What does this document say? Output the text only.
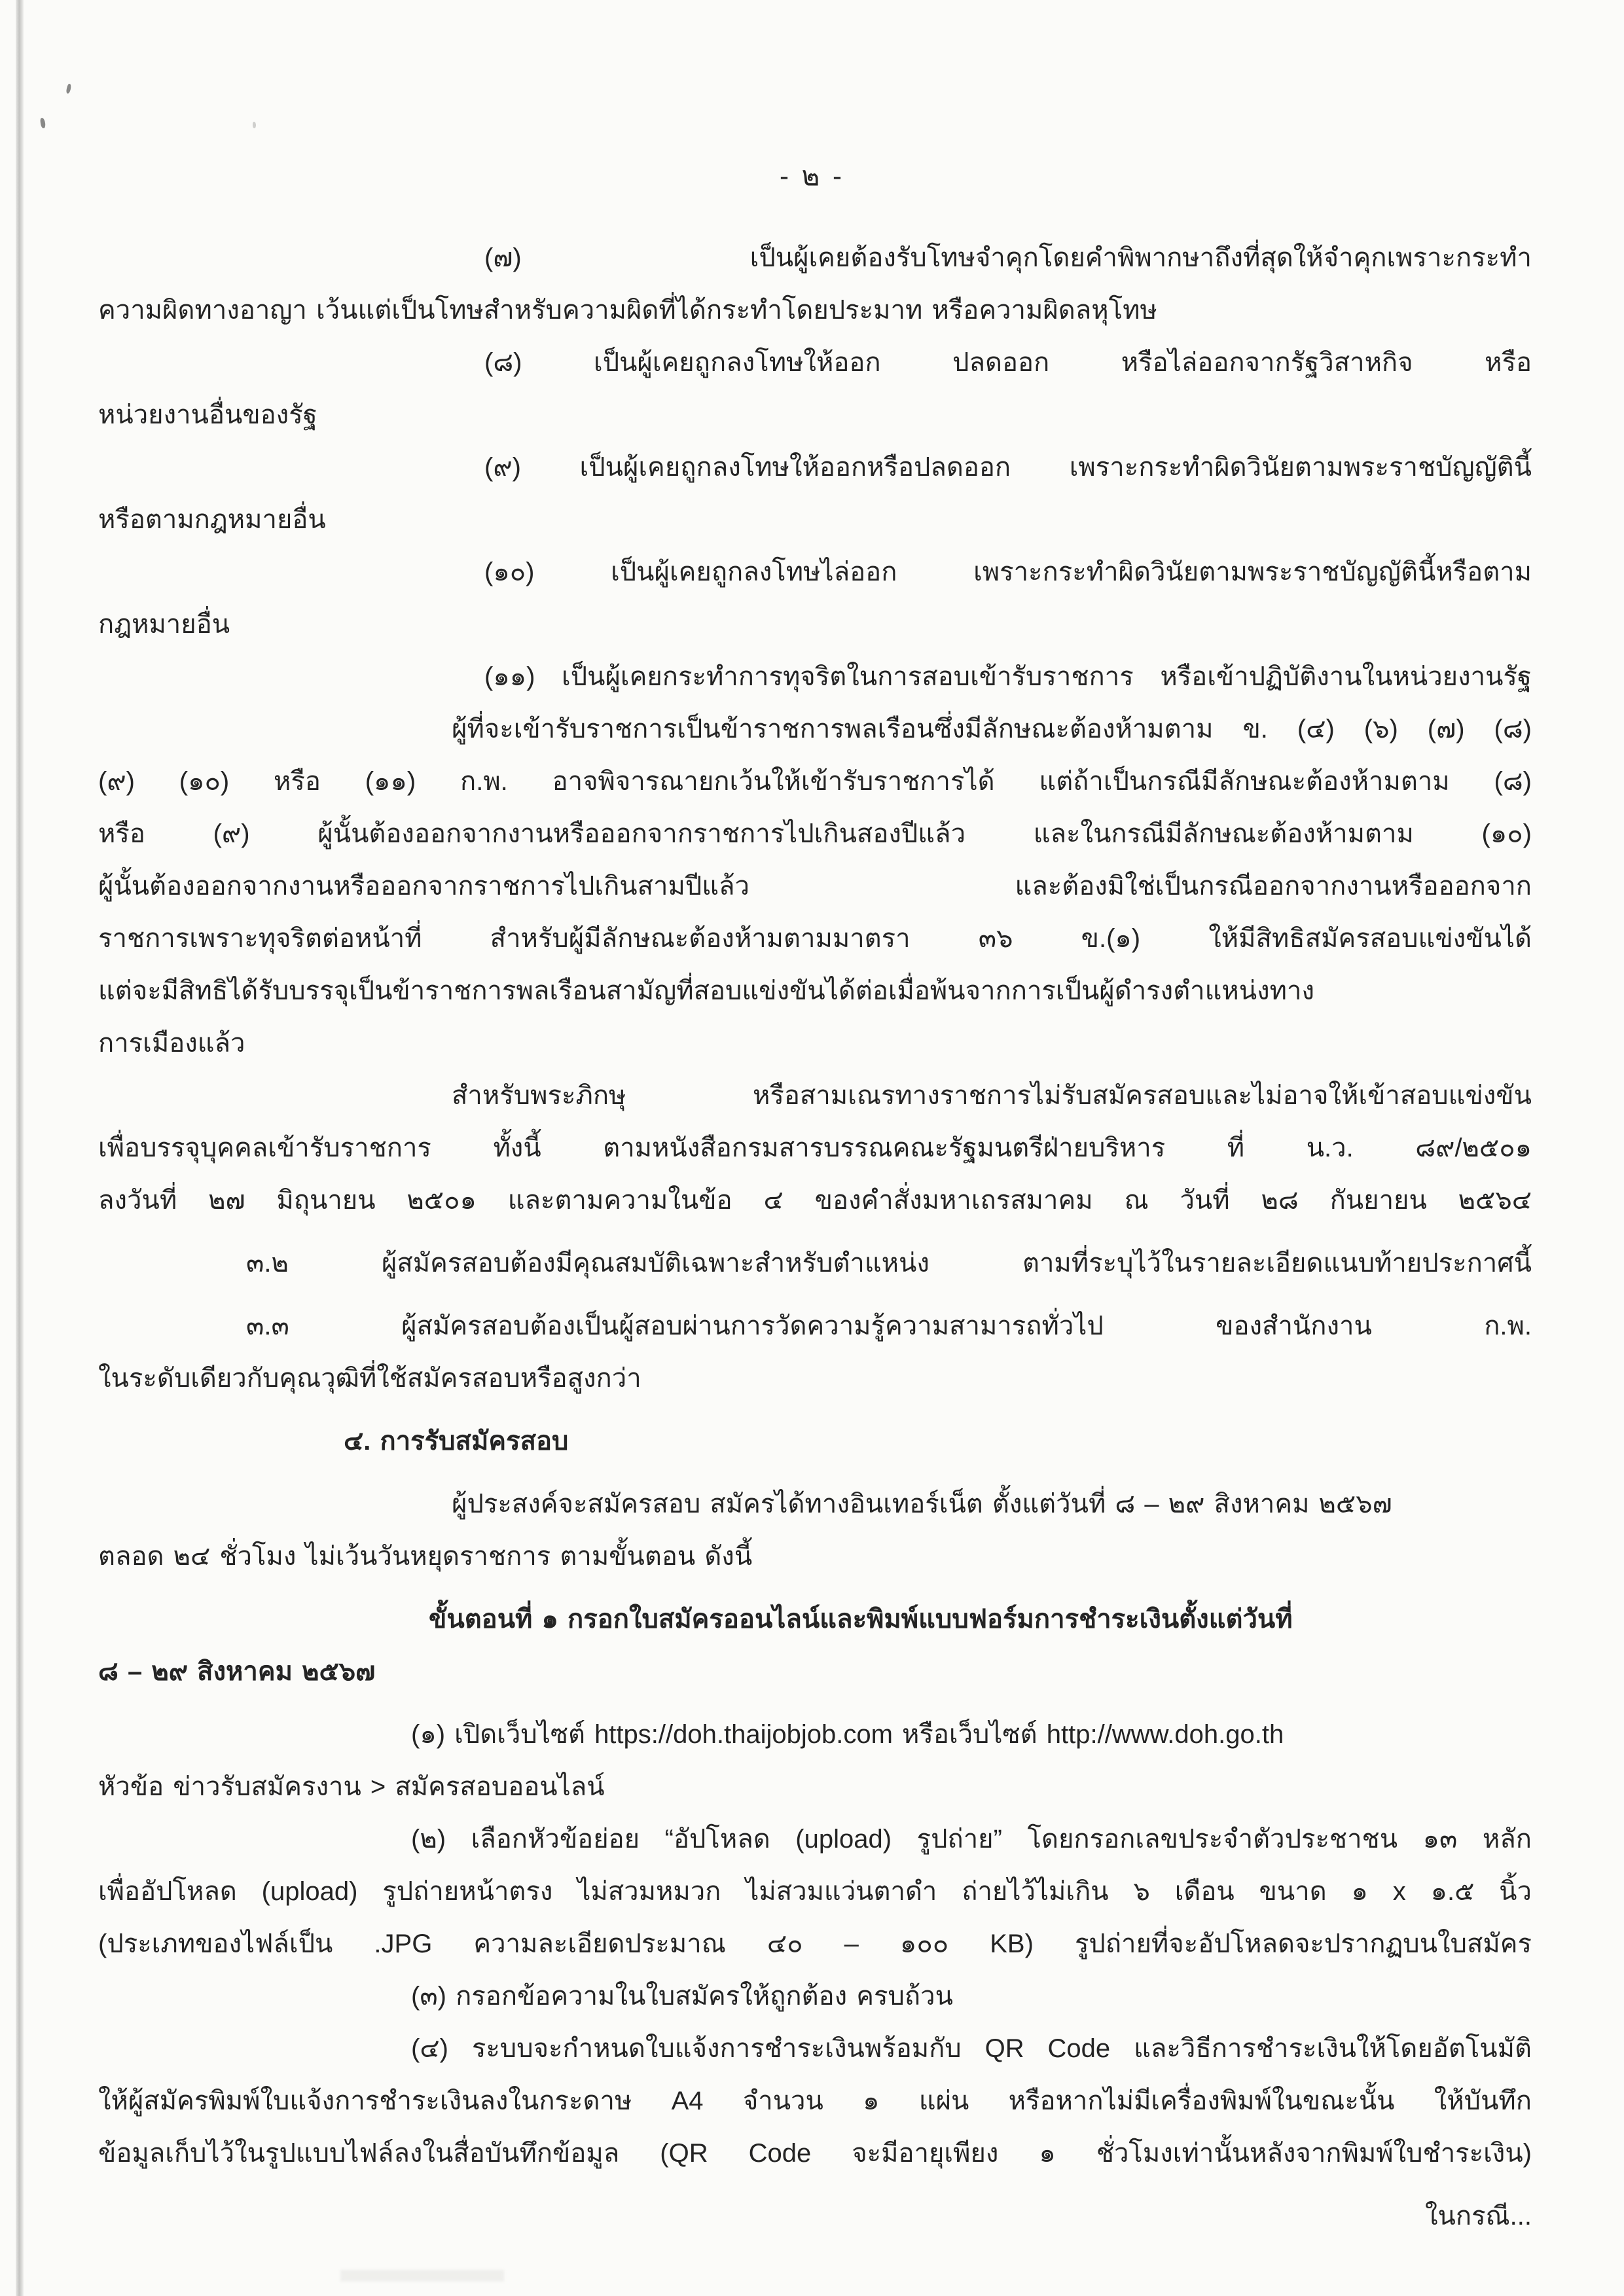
- ๒ -
(๗) เป็นผู้เคยต้องรับโทษจำคุกโดยคำพิพากษาถึงที่สุดให้จำคุกเพราะกระทำ
ความผิดทางอาญา เว้นแต่เป็นโทษสำหรับความผิดที่ได้กระทำโดยประมาท หรือความผิดลหุโทษ
(๘) เป็นผู้เคยถูกลงโทษให้ออก ปลดออก หรือไล่ออกจากรัฐวิสาหกิจ หรือ
หน่วยงานอื่นของรัฐ
(๙) เป็นผู้เคยถูกลงโทษให้ออกหรือปลดออก เพราะกระทำผิดวินัยตามพระราชบัญญัตินี้
หรือตามกฎหมายอื่น
(๑๐) เป็นผู้เคยถูกลงโทษไล่ออก เพราะกระทำผิดวินัยตามพระราชบัญญัตินี้หรือตาม
กฎหมายอื่น
(๑๑) เป็นผู้เคยกระทำการทุจริตในการสอบเข้ารับราชการ หรือเข้าปฏิบัติงานในหน่วยงานรัฐ
ผู้ที่จะเข้ารับราชการเป็นข้าราชการพลเรือนซึ่งมีลักษณะต้องห้ามตาม ข. (๔) (๖) (๗) (๘)
(๙) (๑๐) หรือ (๑๑) ก.พ. อาจพิจารณายกเว้นให้เข้ารับราชการได้ แต่ถ้าเป็นกรณีมีลักษณะต้องห้ามตาม (๘)
หรือ (๙) ผู้นั้นต้องออกจากงานหรือออกจากราชการไปเกินสองปีแล้ว และในกรณีมีลักษณะต้องห้ามตาม (๑๐)
ผู้นั้นต้องออกจากงานหรือออกจากราชการไปเกินสามปีแล้ว และต้องมิใช่เป็นกรณีออกจากงานหรือออกจาก
ราชการเพราะทุจริตต่อหน้าที่ สำหรับผู้มีลักษณะต้องห้ามตามมาตรา ๓๖ ข.(๑) ให้มีสิทธิสมัครสอบแข่งขันได้
แต่จะมีสิทธิได้รับบรรจุเป็นข้าราชการพลเรือนสามัญที่สอบแข่งขันได้ต่อเมื่อพ้นจากการเป็นผู้ดำรงตำแหน่งทาง
การเมืองแล้ว
สำหรับพระภิกษุ หรือสามเณรทางราชการไม่รับสมัครสอบและไม่อาจให้เข้าสอบแข่งขัน
เพื่อบรรจุบุคคลเข้ารับราชการ ทั้งนี้ ตามหนังสือกรมสารบรรณคณะรัฐมนตรีฝ่ายบริหาร ที่ น.ว. ๘๙/๒๕๐๑
ลงวันที่ ๒๗ มิถุนายน ๒๕๐๑ และตามความในข้อ ๔ ของคำสั่งมหาเถรสมาคม ณ วันที่ ๒๘ กันยายน ๒๕๖๔
๓.๒ ผู้สมัครสอบต้องมีคุณสมบัติเฉพาะสำหรับตำแหน่ง ตามที่ระบุไว้ในรายละเอียดแนบท้ายประกาศนี้
๓.๓ ผู้สมัครสอบต้องเป็นผู้สอบผ่านการวัดความรู้ความสามารถทั่วไป ของสำนักงาน ก.พ.
ในระดับเดียวกับคุณวุฒิที่ใช้สมัครสอบหรือสูงกว่า
๔. การรับสมัครสอบ
ผู้ประสงค์จะสมัครสอบ สมัครได้ทางอินเทอร์เน็ต ตั้งแต่วันที่ ๘ – ๒๙ สิงหาคม ๒๕๖๗
ตลอด ๒๔ ชั่วโมง ไม่เว้นวันหยุดราชการ ตามขั้นตอน ดังนี้
ขั้นตอนที่ ๑ กรอกใบสมัครออนไลน์และพิมพ์แบบฟอร์มการชำระเงินตั้งแต่วันที่
๘ – ๒๙ สิงหาคม ๒๕๖๗
(๑) เปิดเว็บไซต์ https://doh.thaijobjob.com หรือเว็บไซต์ http://www.doh.go.th
หัวข้อ ข่าวรับสมัครงาน > สมัครสอบออนไลน์
(๒) เลือกหัวข้อย่อย “อัปโหลด (upload) รูปถ่าย” โดยกรอกเลขประจำตัวประชาชน ๑๓ หลัก
เพื่ออัปโหลด (upload) รูปถ่ายหน้าตรง ไม่สวมหมวก ไม่สวมแว่นตาดำ ถ่ายไว้ไม่เกิน ๖ เดือน ขนาด ๑ x ๑.๕ นิ้ว
(ประเภทของไฟล์เป็น .JPG ความละเอียดประมาณ ๔๐ – ๑๐๐ KB) รูปถ่ายที่จะอัปโหลดจะปรากฏบนใบสมัคร
(๓) กรอกข้อความในใบสมัครให้ถูกต้อง ครบถ้วน
(๔) ระบบจะกำหนดใบแจ้งการชำระเงินพร้อมกับ QR Code และวิธีการชำระเงินให้โดยอัตโนมัติ
ให้ผู้สมัครพิมพ์ใบแจ้งการชำระเงินลงในกระดาษ A4 จำนวน ๑ แผ่น หรือหากไม่มีเครื่องพิมพ์ในขณะนั้น ให้บันทึก
ข้อมูลเก็บไว้ในรูปแบบไฟล์ลงในสื่อบันทึกข้อมูล (QR Code จะมีอายุเพียง ๑ ชั่วโมงเท่านั้นหลังจากพิมพ์ใบชำระเงิน)
ในกรณี...
